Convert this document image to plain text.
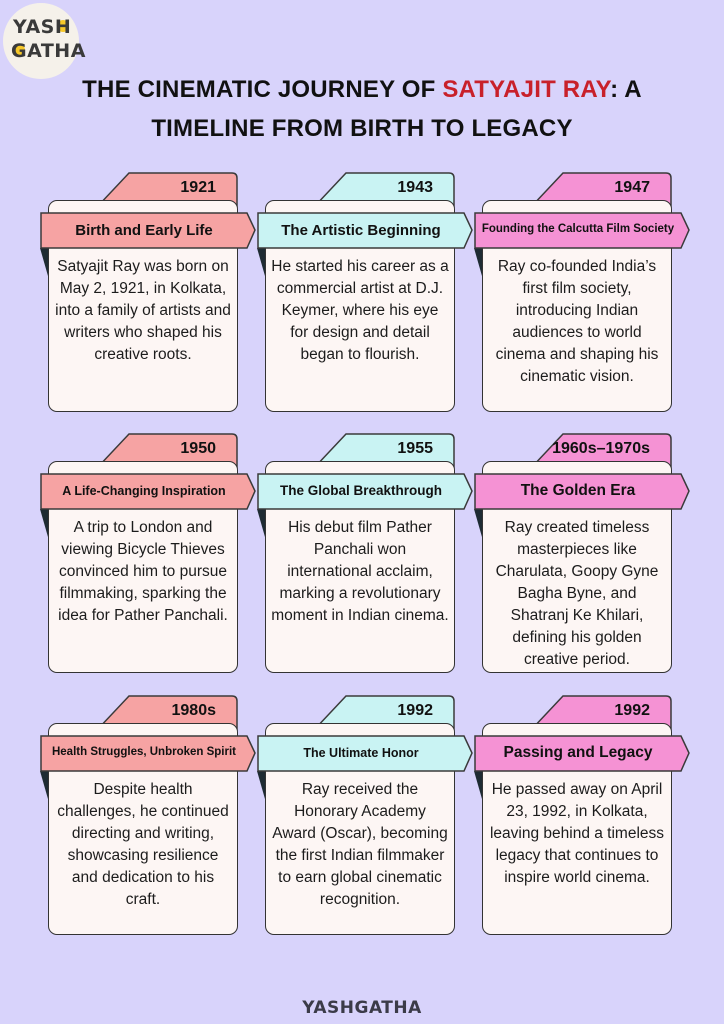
YASH
GATHA
THE CINEMATIC JOURNEY OF SATYAJIT RAY: A TIMELINE FROM BIRTH TO LEGACY
1921
Birth and Early Life
Satyajit Ray was born on May 2, 1921, in Kolkata, into a family of artists and writers who shaped his creative roots.
1943
The Artistic Beginning
He started his career as a commercial artist at D.J. Keymer, where his eye for design and detail began to flourish.
1947
Founding the Calcutta Film Society
Ray co-founded India’s first film society, introducing Indian audiences to world cinema and shaping his cinematic vision.
1950
A Life-Changing Inspiration
A trip to London and viewing Bicycle Thieves convinced him to pursue filmmaking, sparking the idea for Pather Panchali.
1955
The Global Breakthrough
His debut film Pather Panchali won international acclaim, marking a revolutionary moment in Indian cinema.
1960s–1970s
The Golden Era
Ray created timeless masterpieces like Charulata, Goopy Gyne Bagha Byne, and Shatranj Ke Khilari, defining his golden creative period.
1980s
Health Struggles, Unbroken Spirit
Despite health challenges, he continued directing and writing, showcasing resilience and dedication to his craft.
1992
The Ultimate Honor
Ray received the Honorary Academy Award (Oscar), becoming the first Indian filmmaker to earn global cinematic recognition.
1992
Passing and Legacy
He passed away on April 23, 1992, in Kolkata, leaving behind a timeless legacy that continues to inspire world cinema.
YASHGATHA
